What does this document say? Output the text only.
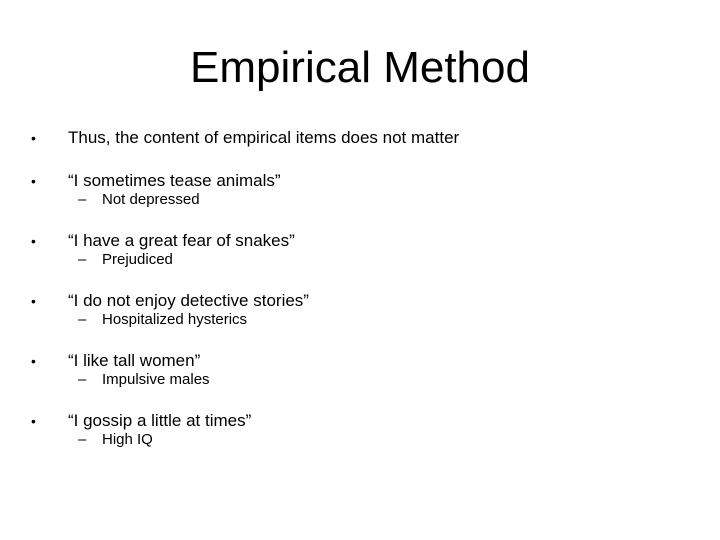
Empirical Method
• Thus, the content of empirical items does not matter
• “I sometimes tease animals”
– Not depressed
• “I have a great fear of snakes”
– Prejudiced
• “I do not enjoy detective stories”
– Hospitalized hysterics
• “I like tall women”
– Impulsive males
• “I gossip a little at times”
– High IQ
